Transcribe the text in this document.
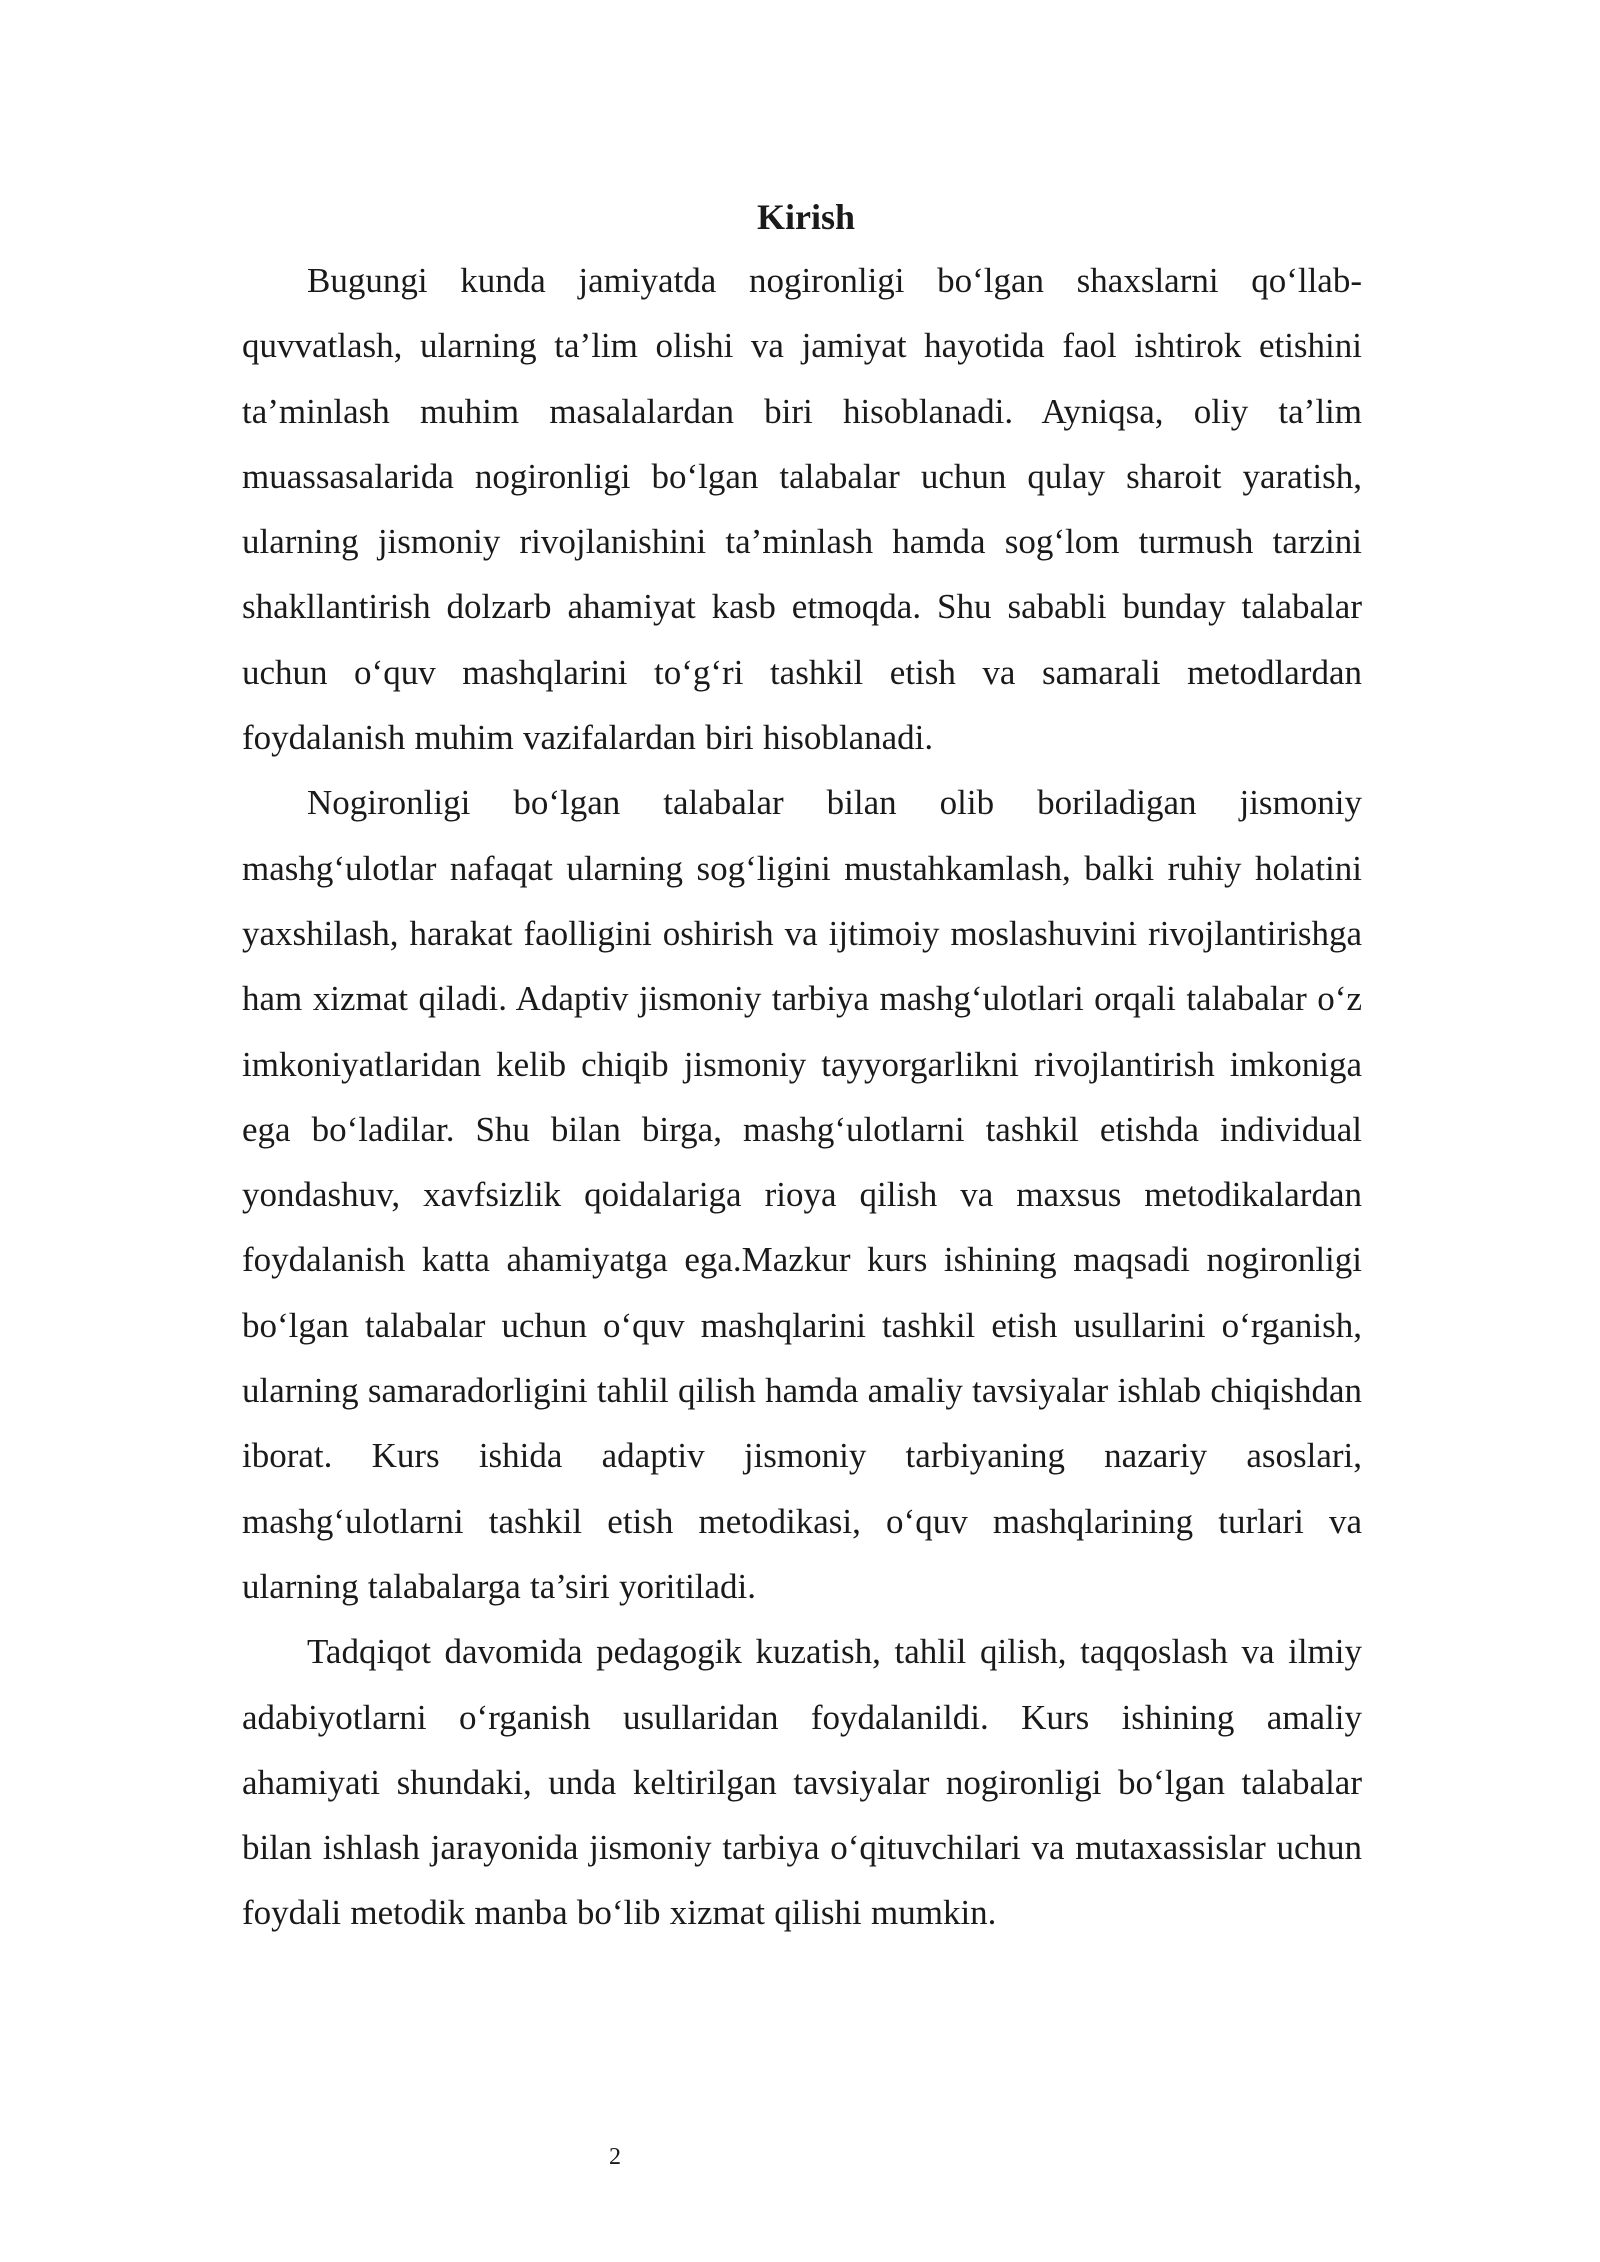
Kirish

Bugungi kunda jamiyatda nogironligi bo‘lgan shaxslarni qo‘llab-quvvatlash, ularning ta’lim olishi va jamiyat hayotida faol ishtirok etishini ta’minlash muhim masalalardan biri hisoblanadi. Ayniqsa, oliy ta’lim muassasalarida nogironligi bo‘lgan talabalar uchun qulay sharoit yaratish, ularning jismoniy rivojlanishini ta’minlash hamda sog‘lom turmush tarzini shakllantirish dolzarb ahamiyat kasb etmoqda. Shu sababli bunday talabalar uchun o‘quv mashqlarini to‘g‘ri tashkil etish va samarali metodlardan foydalanish muhim vazifalardan biri hisoblanadi.

Nogironligi bo‘lgan talabalar bilan olib boriladigan jismoniy mashg‘ulotlar nafaqat ularning sog‘ligini mustahkamlash, balki ruhiy holatini yaxshilash, harakat faolligini oshirish va ijtimoiy moslashuvini rivojlantirishga ham xizmat qiladi. Adaptiv jismoniy tarbiya mashg‘ulotlari orqali talabalar o‘z imkoniyatlaridan kelib chiqib jismoniy tayyorgarlikni rivojlantirish imkoniga ega bo‘ladilar. Shu bilan birga, mashg‘ulotlarni tashkil etishda individual yondashuv, xavfsizlik qoidalariga rioya qilish va maxsus metodikalardan foydalanish katta ahamiyatga ega.Mazkur kurs ishining maqsadi nogironligi bo‘lgan talabalar uchun o‘quv mashqlarini tashkil etish usullarini o‘rganish, ularning samaradorligini tahlil qilish hamda amaliy tavsiyalar ishlab chiqishdan iborat. Kurs ishida adaptiv jismoniy tarbiyaning nazariy asoslari, mashg‘ulotlarni tashkil etish metodikasi, o‘quv mashqlarining turlari va ularning talabalarga ta’siri yoritiladi.

Tadqiqot davomida pedagogik kuzatish, tahlil qilish, taqqoslash va ilmiy adabiyotlarni o‘rganish usullaridan foydalanildi. Kurs ishining amaliy ahamiyati shundaki, unda keltirilgan tavsiyalar nogironligi bo‘lgan talabalar bilan ishlash jarayonida jismoniy tarbiya o‘qituvchilari va mutaxassislar uchun foydali metodik manba bo‘lib xizmat qilishi mumkin.

2
